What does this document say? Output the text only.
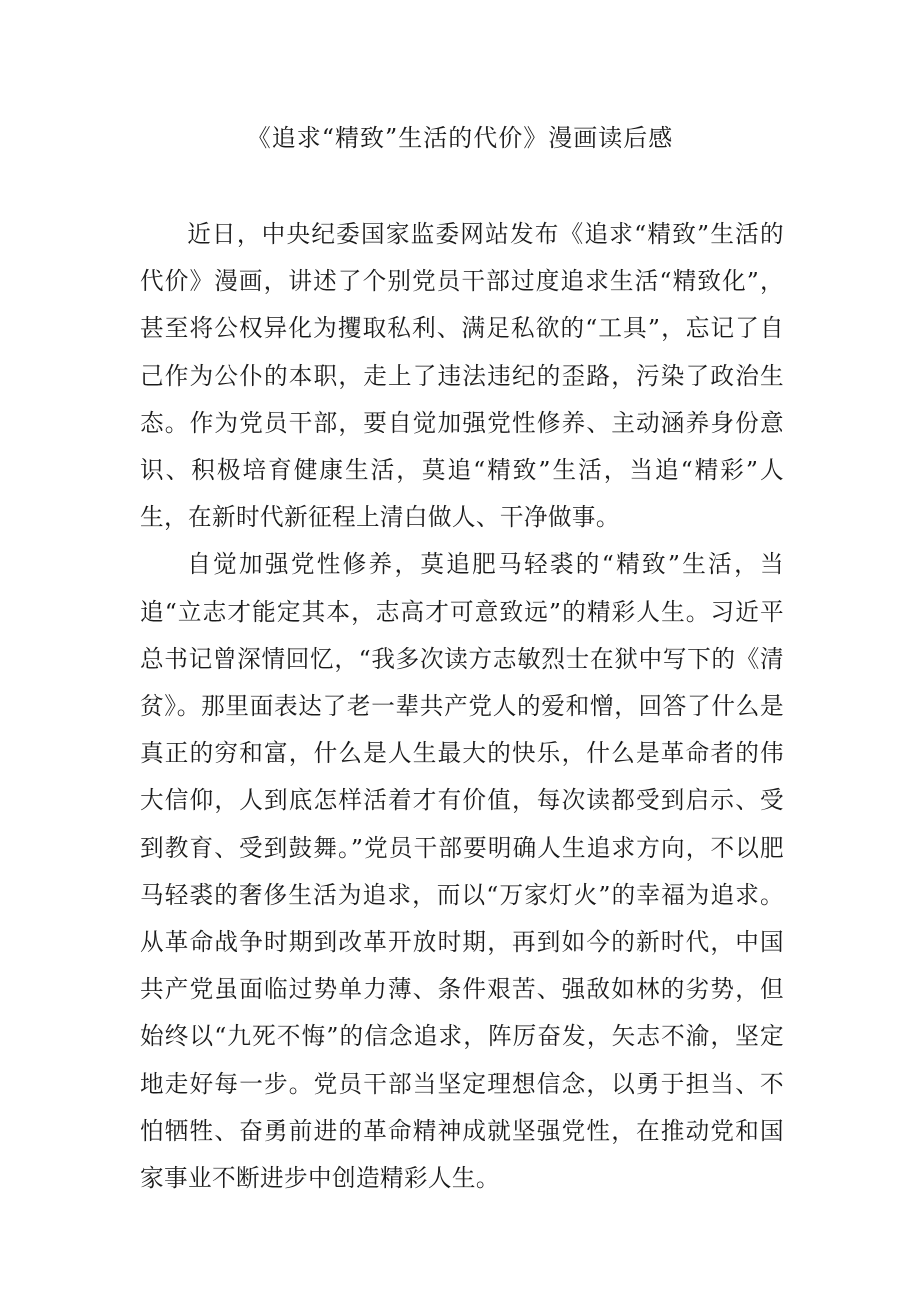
《追求“精致”生活的代价》漫画读后感

近日，中央纪委国家监委网站发布《追求“精致”生活的代价》漫画，讲述了个别党员干部过度追求生活“精致化”，甚至将公权异化为攫取私利、满足私欲的“工具”，忘记了自己作为公仆的本职，走上了违法违纪的歪路，污染了政治生态。作为党员干部，要自觉加强党性修养、主动涵养身份意识、积极培育健康生活，莫追“精致”生活，当追“精彩”人生，在新时代新征程上清白做人、干净做事。

自觉加强党性修养，莫追肥马轻裘的“精致”生活，当追“立志才能定其本，志高才可意致远”的精彩人生。习近平总书记曾深情回忆，“我多次读方志敏烈士在狱中写下的《清贫》。那里面表达了老一辈共产党人的爱和憎，回答了什么是真正的穷和富，什么是人生最大的快乐，什么是革命者的伟大信仰，人到底怎样活着才有价值，每次读都受到启示、受到教育、受到鼓舞。”党员干部要明确人生追求方向，不以肥马轻裘的奢侈生活为追求，而以“万家灯火”的幸福为追求。从革命战争时期到改革开放时期，再到如今的新时代，中国共产党虽面临过势单力薄、条件艰苦、强敌如林的劣势，但始终以“九死不悔”的信念追求，阵厉奋发，矢志不渝，坚定地走好每一步。党员干部当坚定理想信念，以勇于担当、不怕牺牲、奋勇前进的革命精神成就坚强党性，在推动党和国家事业不断进步中创造精彩人生。
